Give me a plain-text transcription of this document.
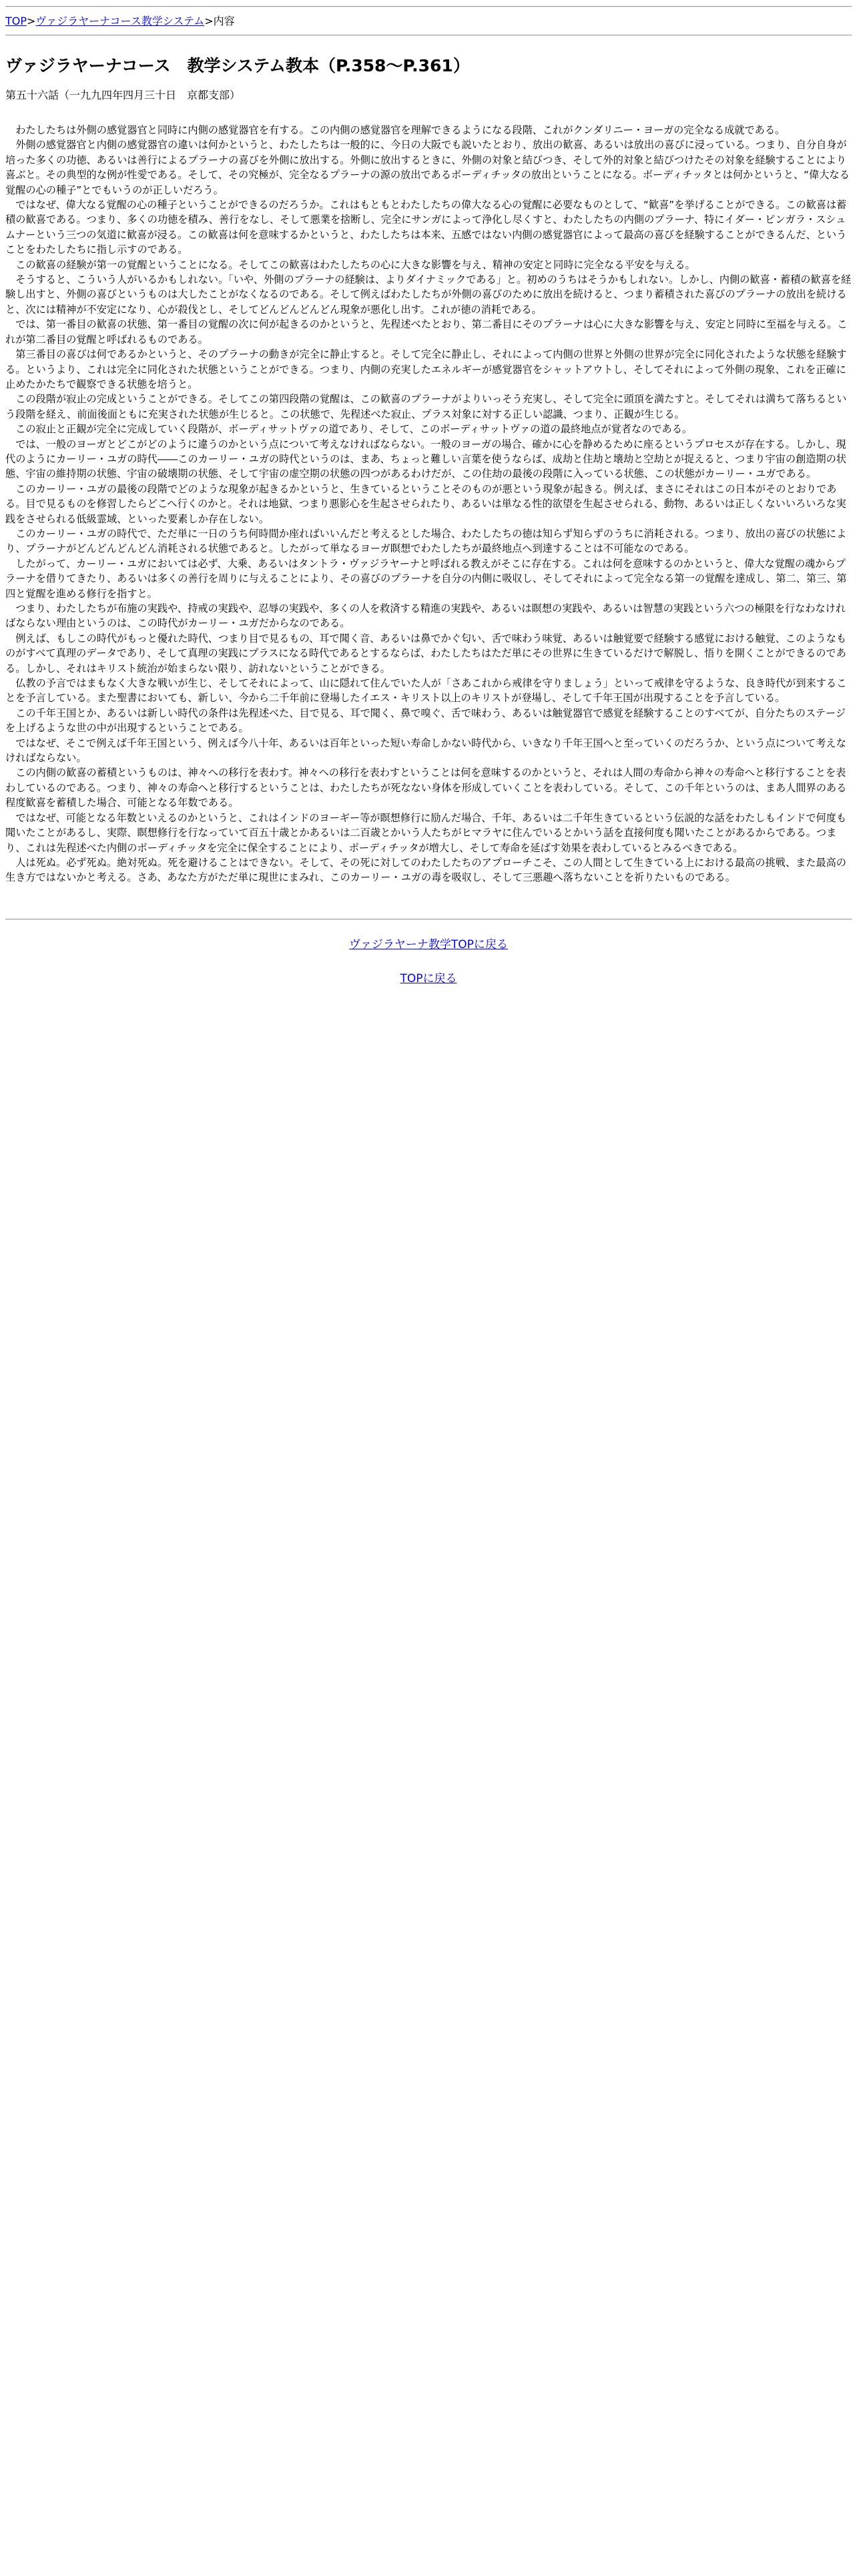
TOP>ヴァジラヤーナコース教学システム>内容
ヴァジラヤーナコース　教学システム教本（P.358〜P.361）
第五十六話（一九九四年四月三十日　京都支部）

わたしたちは外側の感覚器官と同時に内側の感覚器官を有する。この内側の感覚器官を理解できるようになる段階、これがクンダリニー・ヨーガの完全なる成就である。

外側の感覚器官と内側の感覚器官の違いは何かというと、わたしたちは一般的に、今日の大阪でも説いたとおり、放出の歓喜、あるいは放出の喜びに浸っている。つまり、自分自身が培った多くの功徳、あるいは善行によるプラーナの喜びを外側に放出する。外側に放出するときに、外側の対象と結びつき、そして外的対象と結びつけたその対象を経験することにより喜ぶと。その典型的な例が性愛である。そして、その究極が、完全なるプラーナの源の放出であるボーディチッタの放出ということになる。ボーディチッタとは何かというと、“偉大なる覚醒の心の種子”とでもいうのが正しいだろう。

ではなぜ、偉大なる覚醒の心の種子ということができるのだろうか。これはもともとわたしたちの偉大なる心の覚醒に必要なものとして、“歓喜”を挙げることができる。この歓喜は蓄積の歓喜である。つまり、多くの功徳を積み、善行をなし、そして悪業を捨断し、完全にサンガによって浄化し尽くすと、わたしたちの内側のプラーナ、特にイダー・ピンガラ・スシュムナーという三つの気道に歓喜が浸る。この歓喜は何を意味するかというと、わたしたちは本来、五感ではない内側の感覚器官によって最高の喜びを経験することができるんだ、ということをわたしたちに指し示すのである。

この歓喜の経験が第一の覚醒ということになる。そしてこの歓喜はわたしたちの心に大きな影響を与え、精神の安定と同時に完全なる平安を与える。

そうすると、こういう人がいるかもしれない。「いや、外側のプラーナの経験は、よりダイナミックである」と。初めのうちはそうかもしれない。しかし、内側の歓喜・蓄積の歓喜を経験し出すと、外側の喜びというものは大したことがなくなるのである。そして例えばわたしたちが外側の喜びのために放出を続けると、つまり蓄積された喜びのプラーナの放出を続けると、次には精神が不安定になり、心が殺伐とし、そしてどんどんどんどん現象が悪化し出す。これが徳の消耗である。

では、第一番目の歓喜の状態、第一番目の覚醒の次に何が起きるのかというと、先程述べたとおり、第二番目にそのプラーナは心に大きな影響を与え、安定と同時に至福を与える。これが第二番目の覚醒と呼ばれるものである。

第三番目の喜びは何であるかというと、そのプラーナの動きが完全に静止すると。そして完全に静止し、それによって内側の世界と外側の世界が完全に同化されたような状態を経験する。というより、これは完全に同化された状態ということができる。つまり、内側の充実したエネルギーが感覚器官をシャットアウトし、そしてそれによって外側の現象、これを正確に止めたかたちで観察できる状態を培うと。

この段階が寂止の完成ということができる。そしてこの第四段階の覚醒は、この歓喜のプラーナがよりいっそう充実し、そして完全に頭頂を満たすと。そしてそれは満ちて落ちるという段階を経え、前面後面ともに充実された状態が生じると。この状態で、先程述べた寂止、プラス対象に対する正しい認識、つまり、正観が生じる。

この寂止と正観が完全に完成していく段階が、ボーディサットヴァの道であり、そして、このボーディサットヴァの道の最終地点が覚者なのである。

では、一般のヨーガとどこがどのように違うのかという点について考えなければならない。一般のヨーガの場合、確かに心を静めるために座るというプロセスが存在する。しかし、現代のようにカーリー・ユガの時代――このカーリー・ユガの時代というのは、まあ、ちょっと難しい言葉を使うならば、成劫と住劫と壊劫と空劫とが捉えると、つまり宇宙の創造期の状態、宇宙の維持期の状態、宇宙の破壊期の状態、そして宇宙の虚空期の状態の四つがあるわけだが、この住劫の最後の段階に入っている状態、この状態がカーリー・ユガである。

このカーリー・ユガの最後の段階でどのような現象が起きるかというと、生きているということそのものが悪という現象が起きる。例えば、まさにそれはこの日本がそのとおりである。目で見るものを修習したらどこへ行くのかと。それは地獄、つまり悪影心を生起させられたり、あるいは単なる性的欲望を生起させられる、動物、あるいは正しくないいろいろな実践をさせられる低級霊域、といった要素しか存在しない。

このカーリー・ユガの時代で、ただ単に一日のうち何時間か座ればいいんだと考えるとした場合、わたしたちの徳は知らず知らずのうちに消耗される。つまり、放出の喜びの状態により、プラーナがどんどんどんどん消耗される状態であると。したがって単なるヨーガ瞑想でわたしたちが最終地点へ到達することは不可能なのである。

したがって、カーリー・ユガにおいては必ず、大乗、あるいはタントラ・ヴァジラヤーナと呼ばれる教えがそこに存在する。これは何を意味するのかというと、偉大な覚醒の魂からプラーナを借りてきたり、あるいは多くの善行を周りに与えることにより、その喜びのプラーナを自分の内側に吸収し、そしてそれによって完全なる第一の覚醒を達成し、第二、第三、第四と覚醒を進める修行を指すと。

つまり、わたしたちが布施の実践や、持戒の実践や、忍辱の実践や、多くの人を救済する精進の実践や、あるいは瞑想の実践や、あるいは智慧の実践という六つの極限を行なわなければならない理由というのは、この時代がカーリー・ユガだからなのである。

例えば、もしこの時代がもっと優れた時代、つまり目で見るもの、耳で聞く音、あるいは鼻でかぐ匂い、舌で味わう味覚、あるいは触覚要で経験する感覚における触覚、このようなものがすべて真理のデータであり、そして真理の実践にプラスになる時代であるとするならば、わたしたちはただ単にその世界に生きているだけで解脱し、悟りを開くことができるのである。しかし、それはキリスト統治が始まらない限り、訪れないということができる。

仏教の予言ではまもなく大きな戦いが生じ、そしてそれによって、山に隠れて住んでいた人が「さあこれから戒律を守りましょう」といって戒律を守るような、良き時代が到来することを予言している。また聖書においても、新しい、今から二千年前に登場したイエス・キリスト以上のキリストが登場し、そして千年王国が出現することを予言している。

この千年王国とか、あるいは新しい時代の条件は先程述べた、目で見る、耳で聞く、鼻で嗅ぐ、舌で味わう、あるいは触覚器官で感覚を経験することのすべてが、自分たちのステージを上げるような世の中が出現するということである。

ではなぜ、そこで例えば千年王国という、例えば今八十年、あるいは百年といった短い寿命しかない時代から、いきなり千年王国へと至っていくのだろうか、という点について考えなければならない。

この内側の歓喜の蓄積というものは、神々への移行を表わす。神々への移行を表わすということは何を意味するのかというと、それは人間の寿命から神々の寿命へと移行することを表わしているのである。つまり、神々の寿命へと移行するということは、わたしたちが死なない身体を形成していくことを表わしている。そして、この千年というのは、まあ人間界のある程度歓喜を蓄積した場合、可能となる年数である。

ではなぜ、可能となる年数といえるのかというと、これはインドのヨーギー等が瞑想修行に励んだ場合、千年、あるいは二千年生きているという伝説的な話をわたしもインドで何度も聞いたことがあるし、実際、瞑想修行を行なっていて百五十歳とかあるいは二百歳とかいう人たちがヒマラヤに住んでいるとかいう話を直接何度も聞いたことがあるからである。つまり、これは先程述べた内側のボーディチッタを完全に保全することにより、ボーディチッタが増大し、そして寿命を延ばす効果を表わしているとみるべきである。

人は死ぬ。必ず死ぬ。絶対死ぬ。死を避けることはできない。そして、その死に対してのわたしたちのアプローチこそ、この人間として生きている上における最高の挑戦、また最高の生き方ではないかと考える。さあ、あなた方がただ単に現世にまみれ、このカーリー・ユガの毒を吸収し、そして三悪趣へ落ちないことを祈りたいものである。

ヴァジラヤーナ教学TOPに戻る
TOPに戻る
